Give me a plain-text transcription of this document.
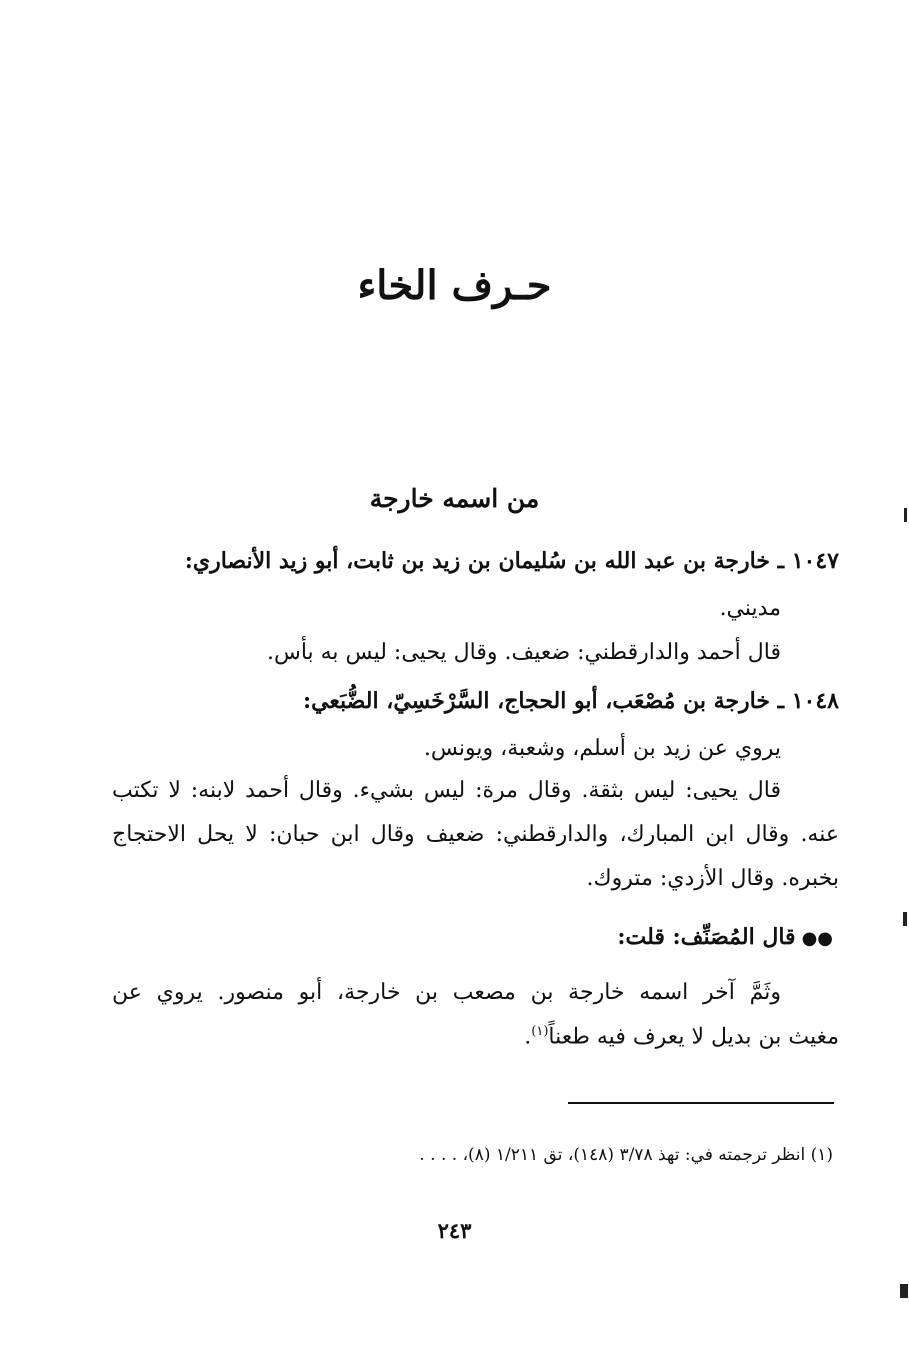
حـرف الخاء
من اسمه خارجة
١٠٤٧ ـ خارجة بن عبد الله بن سُليمان بن زيد بن ثابت، أبو زيد الأنصاري:
مديني.
قال أحمد والدارقطني: ضعيف. وقال يحيى: ليس به بأس.
١٠٤٨ ـ خارجة بن مُصْعَب، أبو الحجاج، السَّرْخَسِيّ، الضُّبَعي:
يروي عن زيد بن أسلم، وشعبة، ويونس.
قال يحيى: ليس بثقة. وقال مرة: ليس بشيء. وقال أحمد لابنه: لا تكتب
عنه. وقال ابن المبارك، والدارقطني: ضعيف وقال ابن حبان: لا يحل الاحتجاج
بخبره. وقال الأزدي: متروك.
●●قال المُصَنِّف: قلت:
وثَمَّ آخر اسمه خارجة بن مصعب بن خارجة، أبو منصور. يروي عن
مغيث بن بديل لا يعرف فيه طعناً$^{(١)}$.
(١) انظر ترجمته في: تهذ ٣/٧٨ (١٤٨)، تق ١/٢١١ (٨)، . . . .
٢٤٣
